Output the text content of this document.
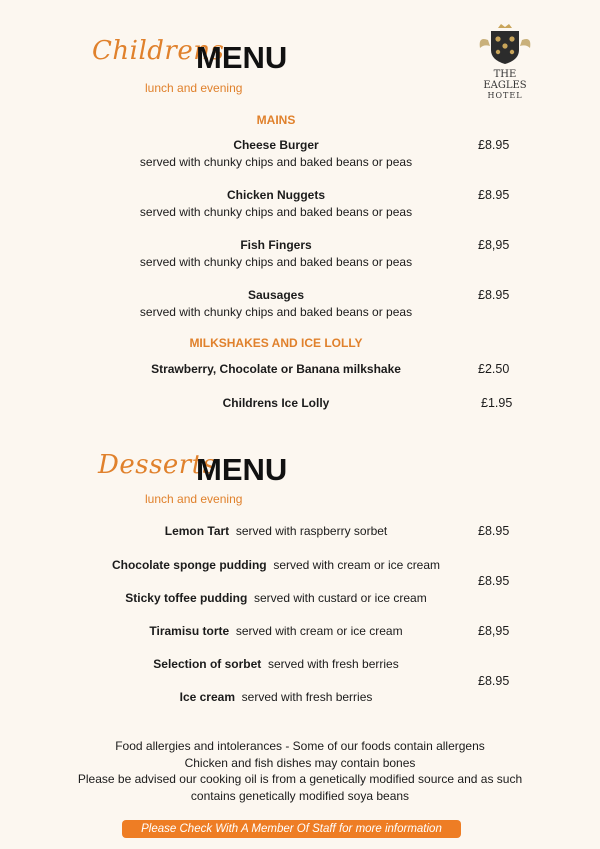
Childrens
MENU
lunch and evening
THE EAGLES
HOTEL
MAINS
Cheese Burger
served with chunky chips and baked beans or peas
£8.95
Chicken Nuggets
served with chunky chips and baked beans or peas
£8.95
Fish Fingers
served with chunky chips and baked beans or peas
£8,95
Sausages
served with chunky chips and baked beans or peas
£8.95
MILKSHAKES AND ICE LOLLY
Strawberry, Chocolate or Banana milkshake	£2.50
Childrens Ice Lolly	£1.95
Desserts
MENU
lunch and evening
Lemon Tart served with raspberry sorbet
Chocolate sponge pudding served with cream or ice cream
Sticky toffee pudding served with custard or ice cream
Tiramisu torte served with cream or ice cream
Selection of sorbet served with fresh berries
Ice cream served with fresh berries
£8.95
£8.95
£8,95
£8.95
Food allergies and intolerances - Some of our foods contain allergens
Chicken and fish dishes may contain bones
Please be advised our cooking oil is from a genetically modified source and as such
contains genetically modified soya beans
Please Check With A Member Of Staff for more information
